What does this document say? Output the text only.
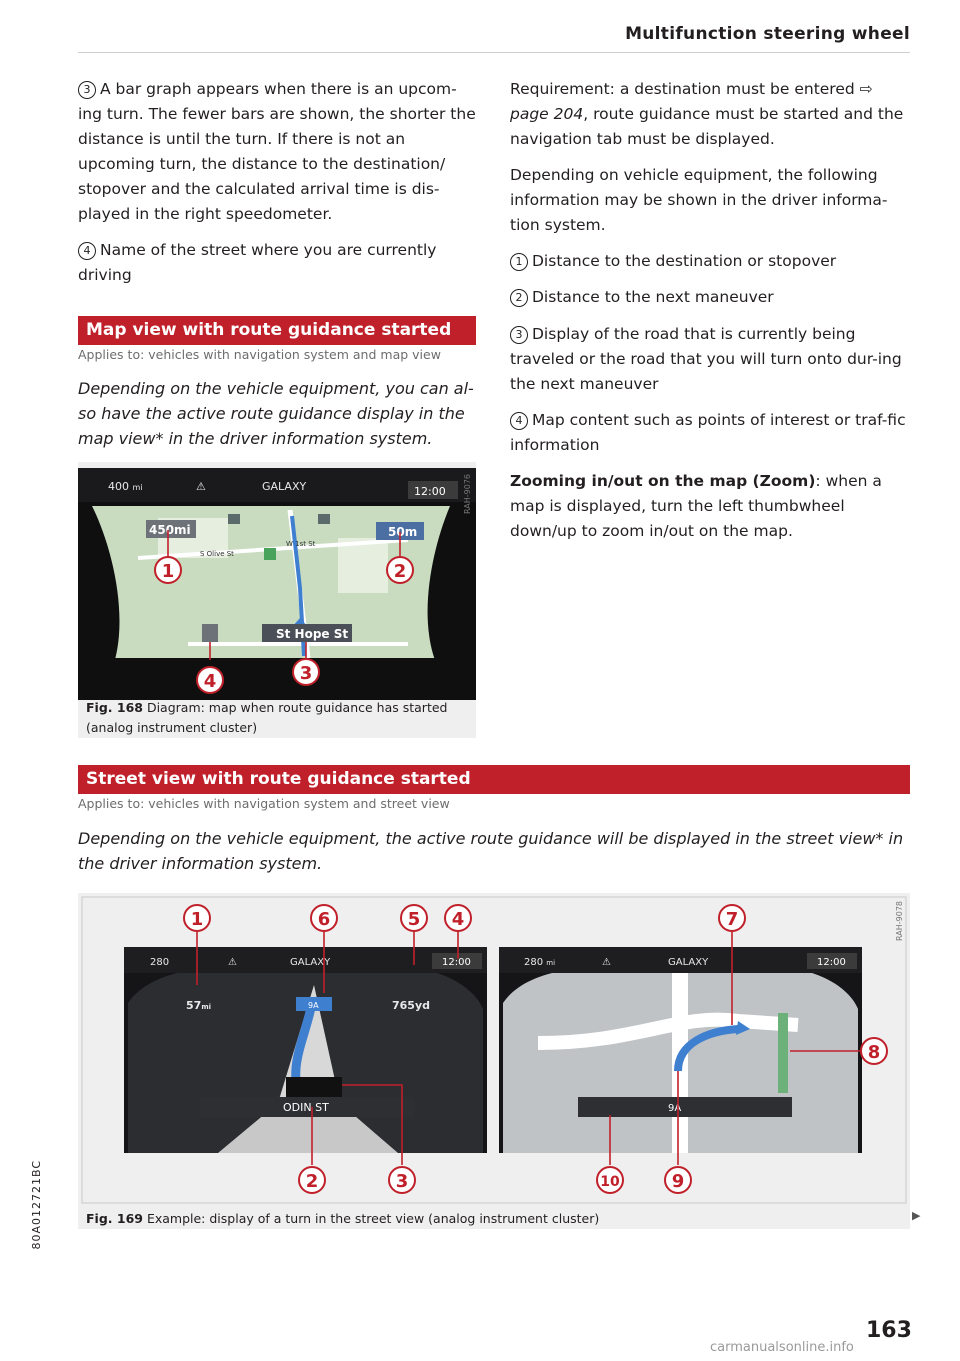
Multifunction steering wheel

3 A bar graph appears when there is an upcom-ing turn. The fewer bars are shown, the shorter the distance is until the turn. If there is not an upcoming turn, the distance to the destination/ stopover and the calculated arrival time is dis-played in the right speedometer.

4 Name of the street where you are currently driving

Map view with route guidance started
Applies to: vehicles with navigation system and map view
Depending on the vehicle equipment, you can al-so have the active route guidance display in the map view* in the driver information system.
400 mi	⚠	GALAXY	12:00
450mi	50m
S Olive St
W 1st St
St Hope St
1	2
3
4
RAH-9076
Fig. 168 Diagram: map when route guidance has started (analog instrument cluster)

Requirement: a destination must be entered ⇨ page 204, route guidance must be started and the navigation tab must be displayed.

Depending on vehicle equipment, the following information may be shown in the driver informa-tion system.

1 Distance to the destination or stopover

2 Distance to the next maneuver

3 Display of the road that is currently being traveled or the road that you will turn onto dur-ing the next maneuver

4 Map content such as points of interest or traf-fic information

Zooming in/out on the map (Zoom): when a map is displayed, turn the left thumbwheel down/up to zoom in/out on the map.

Street view with route guidance started
Applies to: vehicles with navigation system and street view
Depending on the vehicle equipment, the active route guidance will be displayed in the street view* in the driver information system.
280	⚠	GALAXY	12:00
57mi	765yd
9A
ODIN ST
280 mi	⚠	GALAXY	12:00
9A
1	6	5 4	7
8
2	3	10	9
RAH-9078
Fig. 169 Example: display of a turn in the street view (analog instrument cluster)	▶
163
80A012721BC
carmanualsonline.info
